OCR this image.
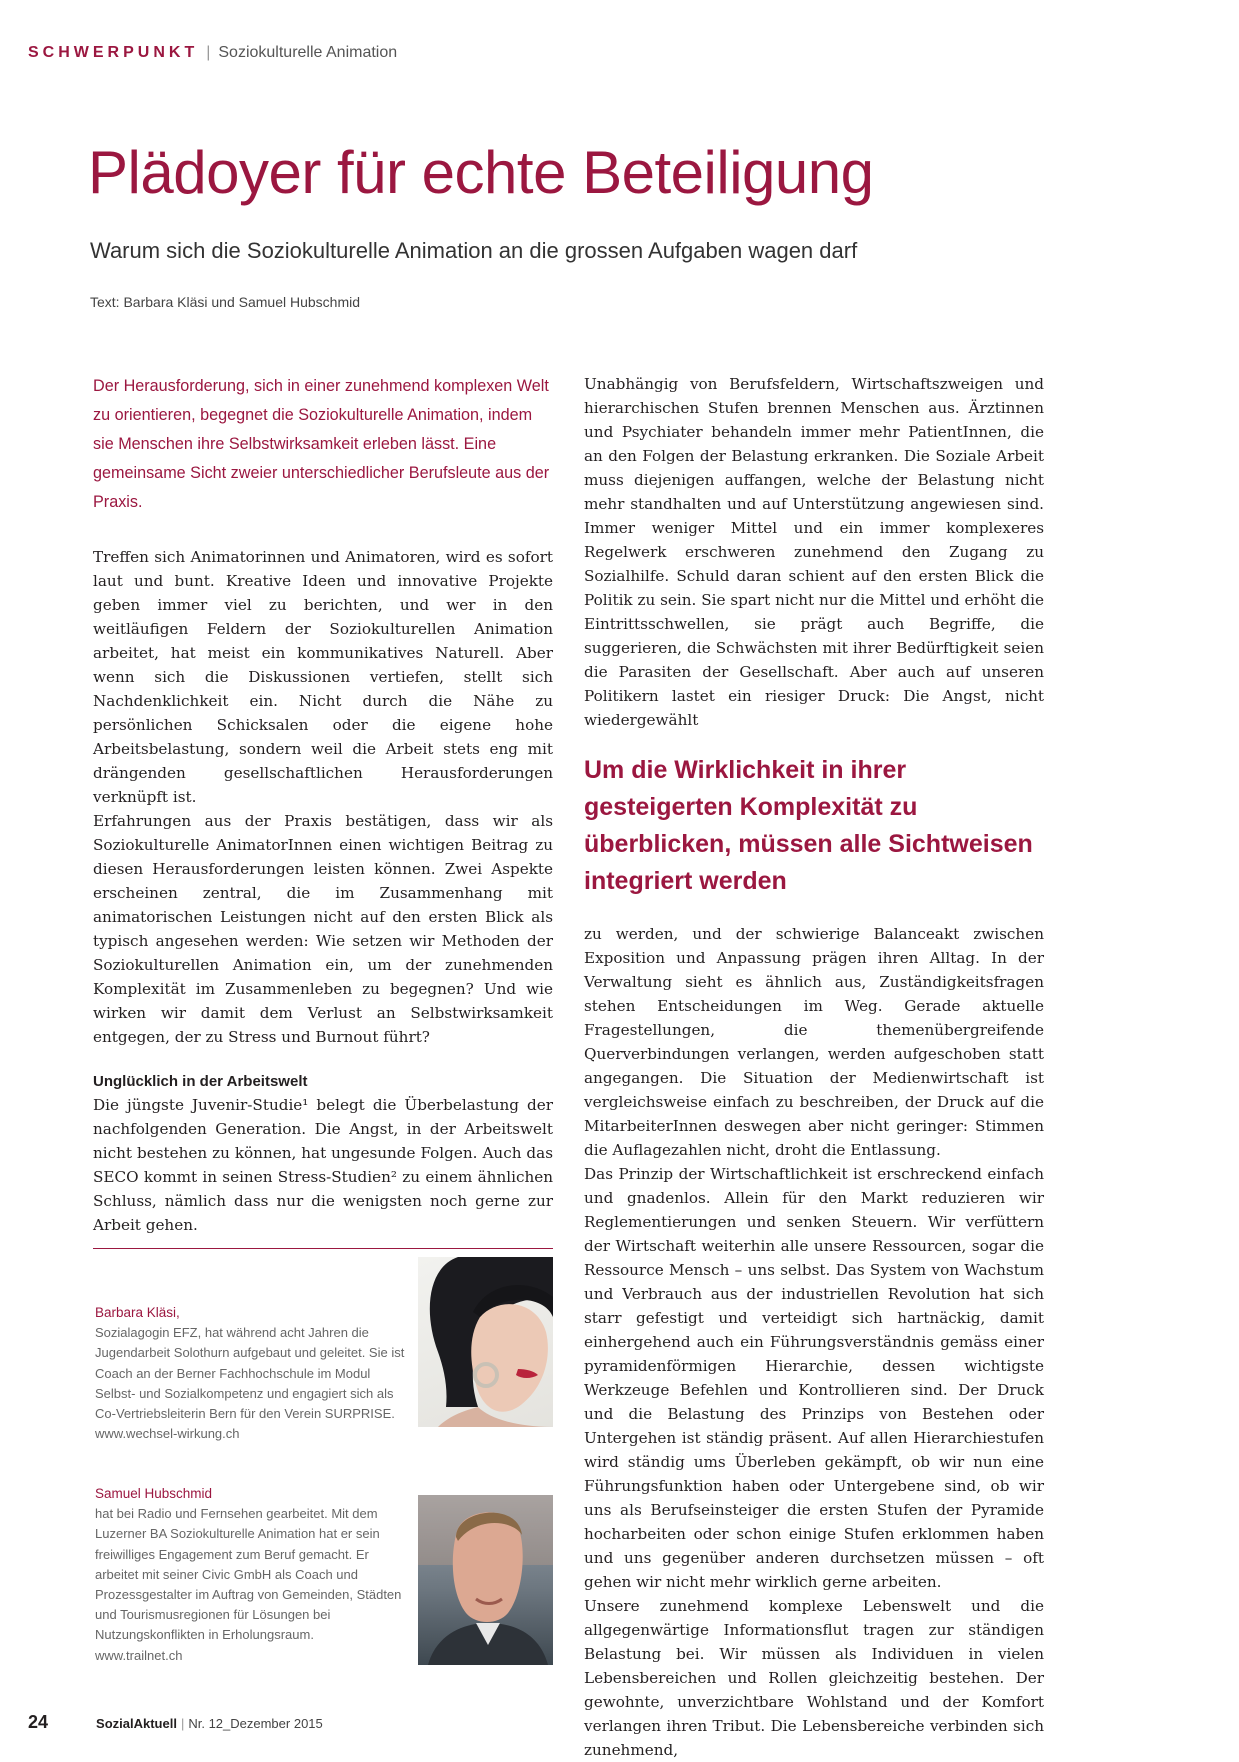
SCHWERPUNKT | Soziokulturelle Animation
Plädoyer für echte Beteiligung
Warum sich die Soziokulturelle Animation an die grossen Aufgaben wagen darf
Text: Barbara Kläsi und Samuel Hubschmid

Der Herausforderung, sich in einer zunehmend komplexen Welt zu orientieren, begegnet die Soziokulturelle Animation, indem sie Menschen ihre Selbstwirksamkeit erleben lässt. Eine gemeinsame Sicht zweier unterschiedlicher Berufsleute aus der Praxis.

Treffen sich Animatorinnen und Animatoren, wird es sofort laut und bunt. Kreative Ideen und innovative Projekte geben immer viel zu berichten, und wer in den weitläufigen Feldern der Soziokulturellen Animation arbeitet, hat meist ein kommunikatives Naturell. Aber wenn sich die Diskussionen vertiefen, stellt sich Nachdenklichkeit ein. Nicht durch die Nähe zu persönlichen Schicksalen oder die eigene hohe Arbeitsbelastung, sondern weil die Arbeit stets eng mit drängenden gesellschaftlichen Herausforderungen verknüpft ist.

Erfahrungen aus der Praxis bestätigen, dass wir als Soziokulturelle AnimatorInnen einen wichtigen Beitrag zu diesen Herausforderungen leisten können. Zwei Aspekte erscheinen zentral, die im Zusammenhang mit animatorischen Leistungen nicht auf den ersten Blick als typisch angesehen werden: Wie setzen wir Methoden der Soziokulturellen Animation ein, um der zunehmenden Komplexität im Zusammenleben zu begegnen? Und wie wirken wir damit dem Verlust an Selbstwirksamkeit entgegen, der zu Stress und Burnout führt?

Unglücklich in der Arbeitswelt

Die jüngste Juvenir-Studie¹ belegt die Überbelastung der nachfolgenden Generation. Die Angst, in der Arbeitswelt nicht bestehen zu können, hat ungesunde Folgen. Auch das SECO kommt in seinen Stress-Studien² zu einem ähnlichen Schluss, nämlich dass nur die wenigsten noch gerne zur Arbeit gehen.

Unabhängig von Berufsfeldern, Wirtschaftszweigen und hierarchischen Stufen brennen Menschen aus. Ärztinnen und Psychiater behandeln immer mehr PatientInnen, die an den Folgen der Belastung erkranken. Die Soziale Arbeit muss diejenigen auffangen, welche der Belastung nicht mehr standhalten und auf Unterstützung angewiesen sind. Immer weniger Mittel und ein immer komplexeres Regelwerk erschweren zunehmend den Zugang zu Sozialhilfe. Schuld daran schient auf den ersten Blick die Politik zu sein. Sie spart nicht nur die Mittel und erhöht die Eintrittsschwellen, sie prägt auch Begriffe, die suggerieren, die Schwächsten mit ihrer Bedürftigkeit seien die Parasiten der Gesellschaft. Aber auch auf unseren Politikern lastet ein riesiger Druck: Die Angst, nicht wiedergewählt

Um die Wirklichkeit in ihrer gesteigerten Komplexität zu überblicken, müssen alle Sichtweisen integriert werden

zu werden, und der schwierige Balanceakt zwischen Exposition und Anpassung prägen ihren Alltag. In der Verwaltung sieht es ähnlich aus, Zuständigkeitsfragen stehen Entscheidungen im Weg. Gerade aktuelle Fragestellungen, die themenübergreifende Querverbindungen verlangen, werden aufgeschoben statt angegangen. Die Situation der Medienwirtschaft ist vergleichsweise einfach zu beschreiben, der Druck auf die MitarbeiterInnen deswegen aber nicht geringer: Stimmen die Auflagezahlen nicht, droht die Entlassung.

Das Prinzip der Wirtschaftlichkeit ist erschreckend einfach und gnadenlos. Allein für den Markt reduzieren wir Reglementierungen und senken Steuern. Wir verfüttern der Wirtschaft weiterhin alle unsere Ressourcen, sogar die Ressource Mensch – uns selbst. Das System von Wachstum und Verbrauch aus der industriellen Revolution hat sich starr gefestigt und verteidigt sich hartnäckig, damit einhergehend auch ein Führungsverständnis gemäss einer pyramidenförmigen Hierarchie, dessen wichtigste Werkzeuge Befehlen und Kontrollieren sind. Der Druck und die Belastung des Prinzips von Bestehen oder Untergehen ist ständig präsent. Auf allen Hierarchiestufen wird ständig ums Überleben gekämpft, ob wir nun eine Führungsfunktion haben oder Untergebene sind, ob wir uns als Berufseinsteiger die ersten Stufen der Pyramide hocharbeiten oder schon einige Stufen erklommen haben und uns gegenüber anderen durchsetzen müssen – oft gehen wir nicht mehr wirklich gerne arbeiten.

Unsere zunehmend komplexe Lebenswelt und die allgegenwärtige Informationsflut tragen zur ständigen Belastung bei. Wir müssen als Individuen in vielen Lebensbereichen und Rollen gleichzeitig bestehen. Der gewohnte, unverzichtbare Wohlstand und der Komfort verlangen ihren Tribut. Die Lebensbereiche verbinden sich zunehmend,

Barbara Kläsi,
Sozialagogin EFZ, hat während acht Jahren die Jugendarbeit Solothurn aufgebaut und geleitet. Sie ist Coach an der Berner Fachhochschule im Modul Selbst- und Sozialkompetenz und engagiert sich als Co-Vertriebsleiterin Bern für den Verein SURPRISE.
www.wechsel-wirkung.ch
Samuel Hubschmid
hat bei Radio und Fernsehen gearbeitet. Mit dem Luzerner BA Soziokulturelle Animation hat er sein freiwilliges Engagement zum Beruf gemacht. Er arbeitet mit seiner Civic GmbH als Coach und Prozessgestalter im Auftrag von Gemeinden, Städten und Tourismusregionen für Lösungen bei Nutzungskonflikten in Erholungsraum.
www.trailnet.ch
24	SozialAktuell | Nr. 12_Dezember 2015
